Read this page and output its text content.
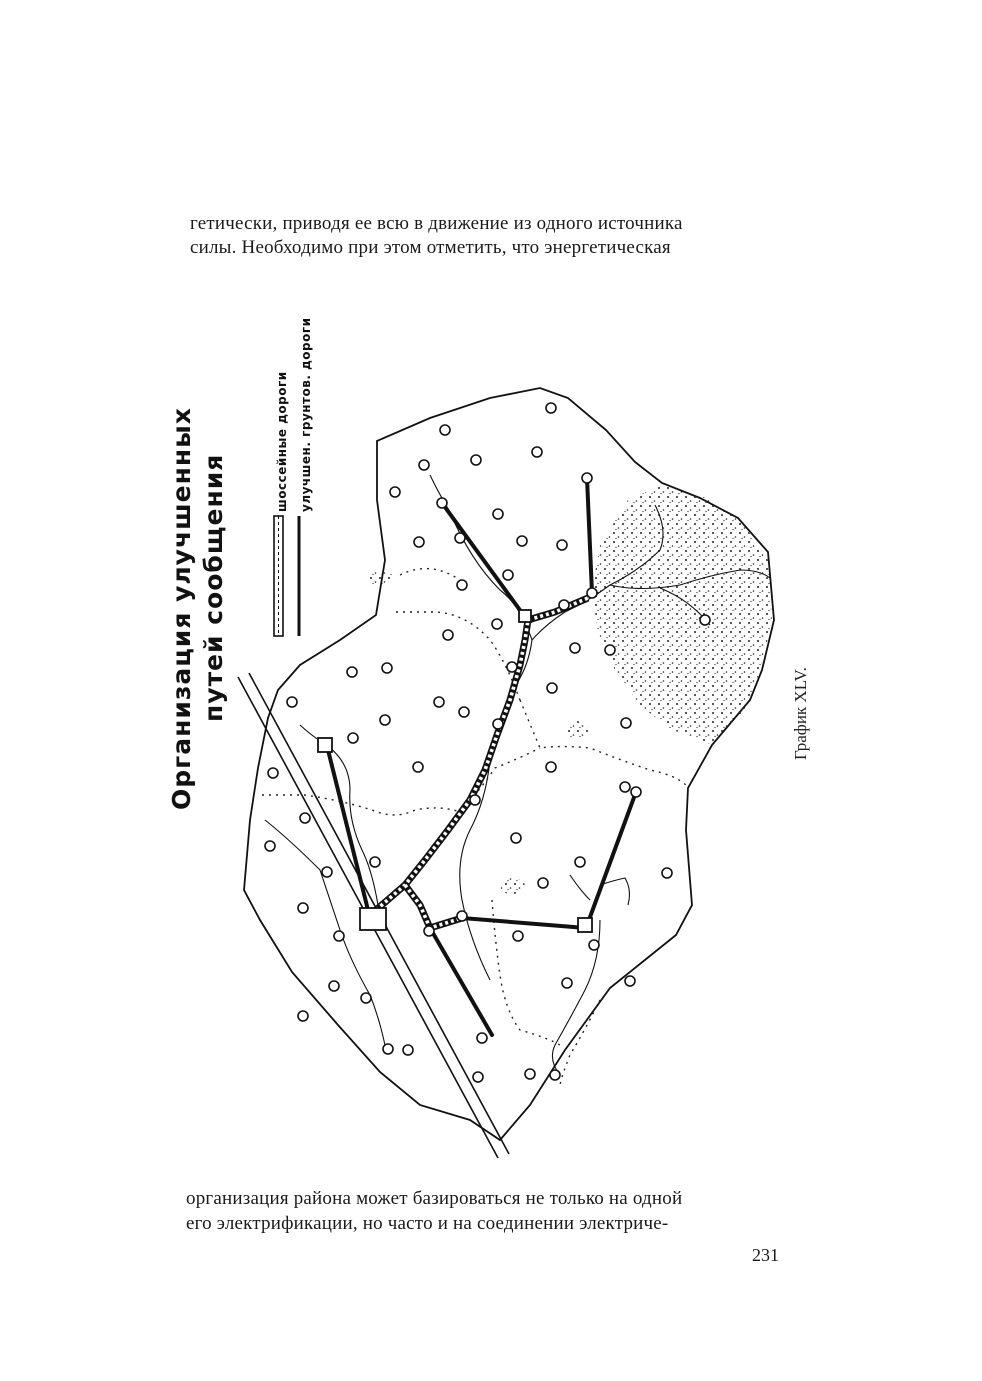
гетически, приводя ее всю в движение из одного источника

силы. Необходимо при этом отметить, что энергетическая

Организация улучшенных путей сообщения
шоссейные дороги улучшен. грунтов. дороги
График XLV.

организация района может базироваться не только на одной

его электрификации, но часто и на соединении электриче-

231
